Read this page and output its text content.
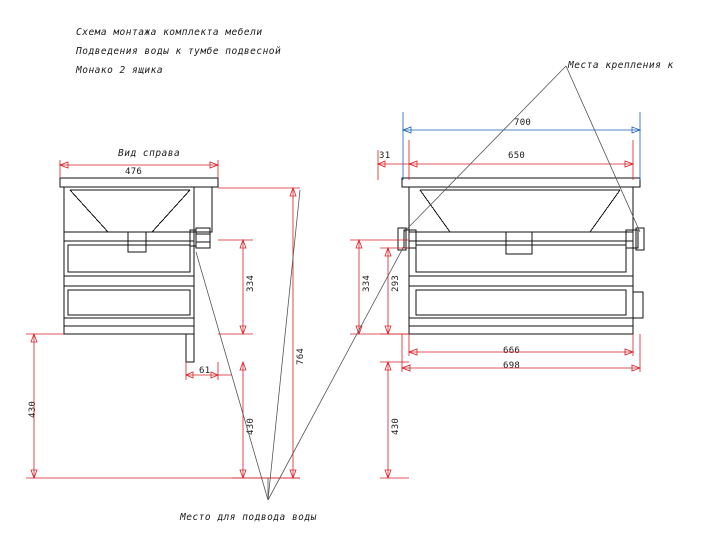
Схема монтажа комплекта мебели
Подведения воды к тумбе подвесной
Монако 2 ящика	Места крепления к
Вид справа
Место для подвода воды
476
61
334
764
430
430
700
650
31
666
698
334 293
430
